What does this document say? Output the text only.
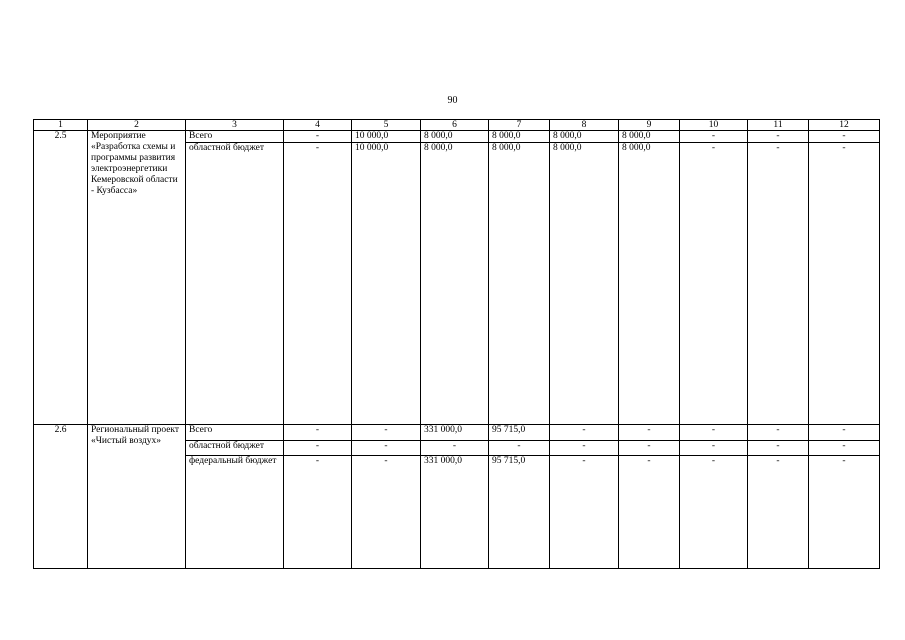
90
1	2	3	4	5	6	7	8	9	10	11	12
2.5	Мероприятие «Разработка схемы и программы развития электроэнергетики Кемеровской области - Кузбасса»	Всего	-	10 000,0	8 000,0	8 000,0	8 000,0	8 000,0	-	-	-
		областной бюджет	-	10 000,0	8 000,0	8 000,0	8 000,0	8 000,0	-	-	-
2.6	Региональный проект «Чистый воздух»	Всего	-	-	331 000,0	95 715,0	-	-	-	-	-
		областной бюджет	-	-	-	-	-	-	-	-	-
		федеральный бюджет	-	-	331 000,0	95 715,0	-	-	-	-	-
